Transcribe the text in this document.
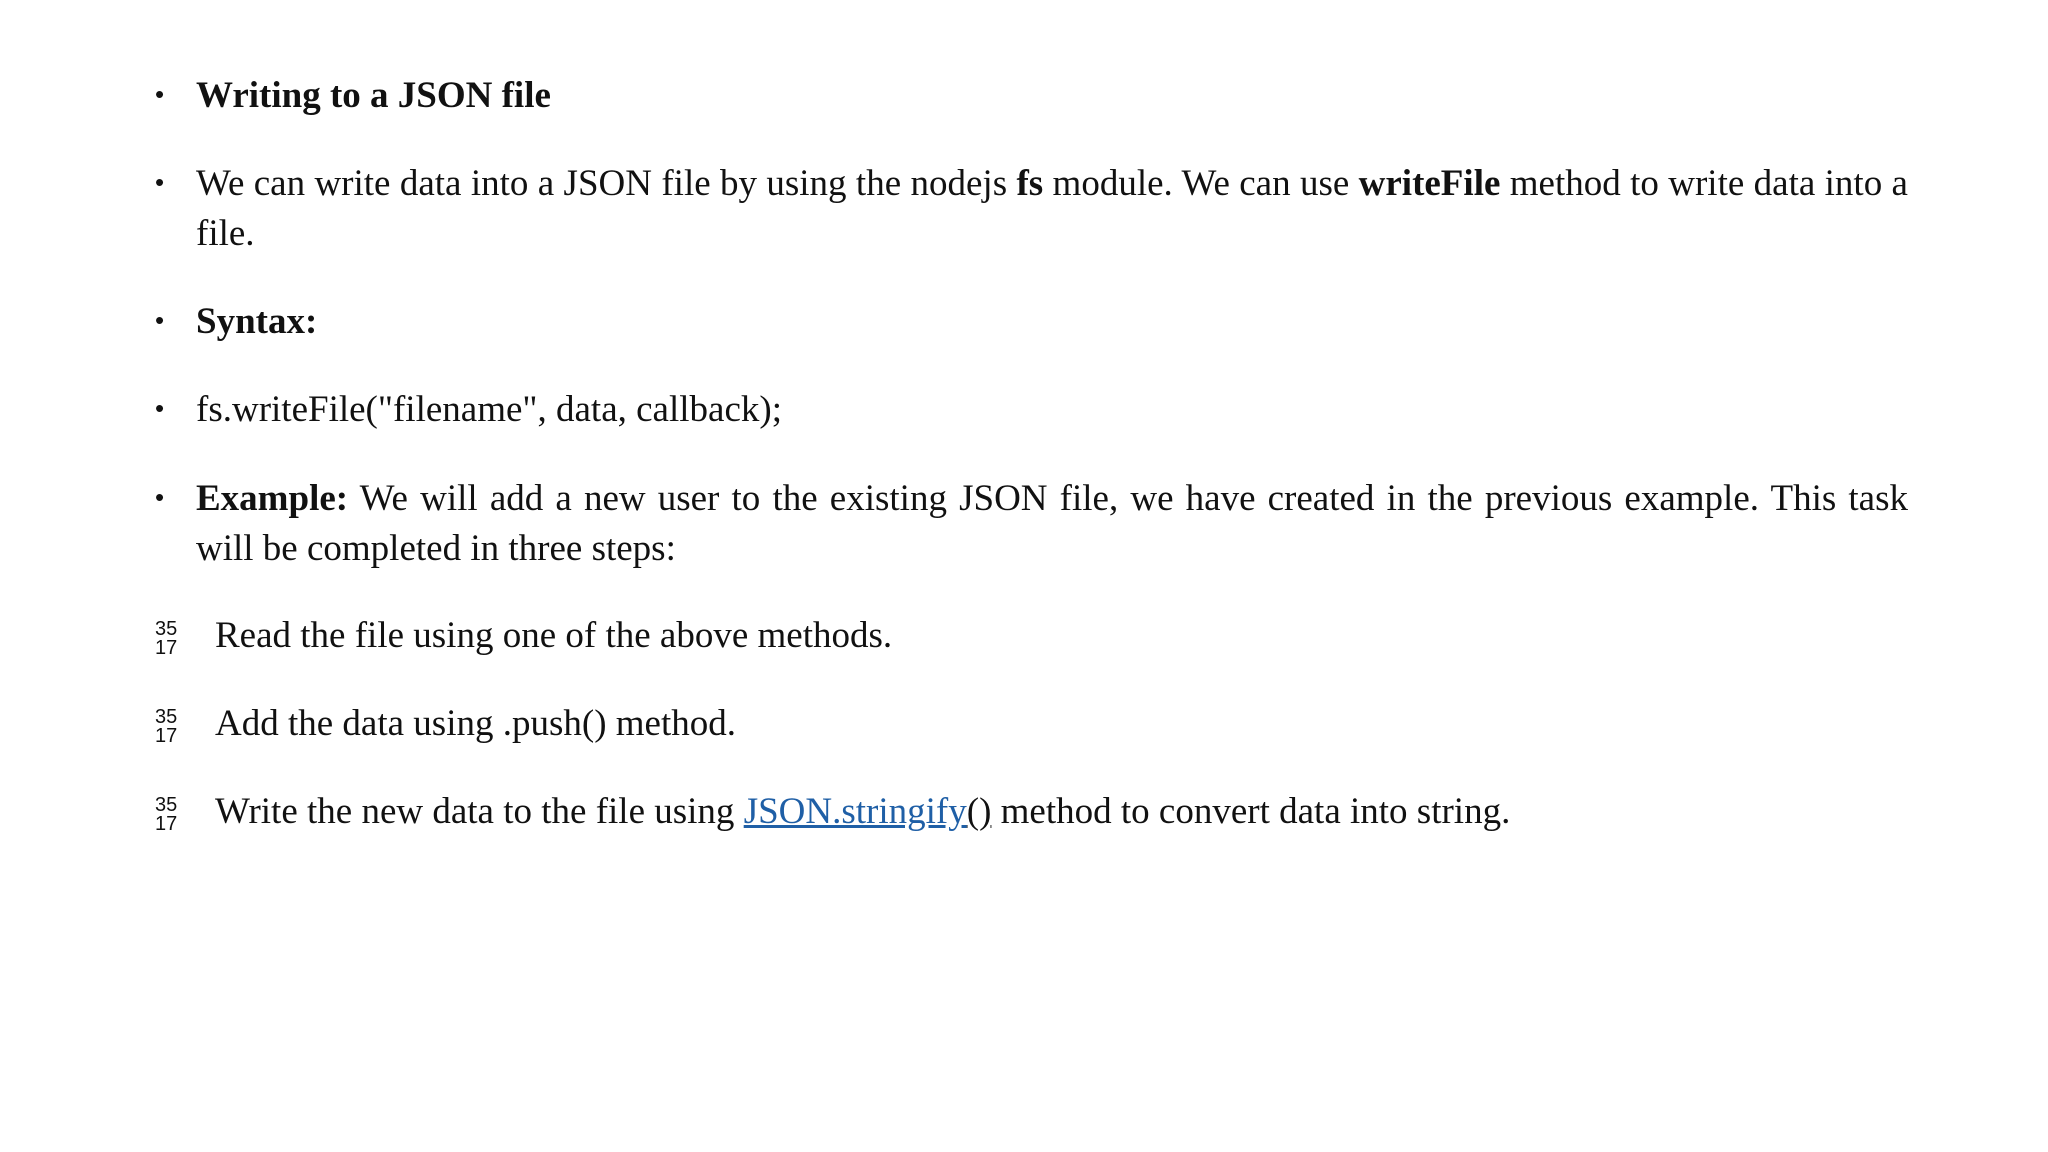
• Writing to a JSON file
• We can write data into a JSON file by using the nodejs fs module. We can use writeFile method to write data into a file.
• Syntax:
• fs.writeFile("filename", data, callback);
• Example: We will add a new user to the existing JSON file, we have created in the previous example. This task will be completed in three steps:
35
17	Read the file using one of the above methods.
35
17	Add the data using .push() method.
35
17	Write the new data to the file using JSON.stringify() method to convert data into string.
